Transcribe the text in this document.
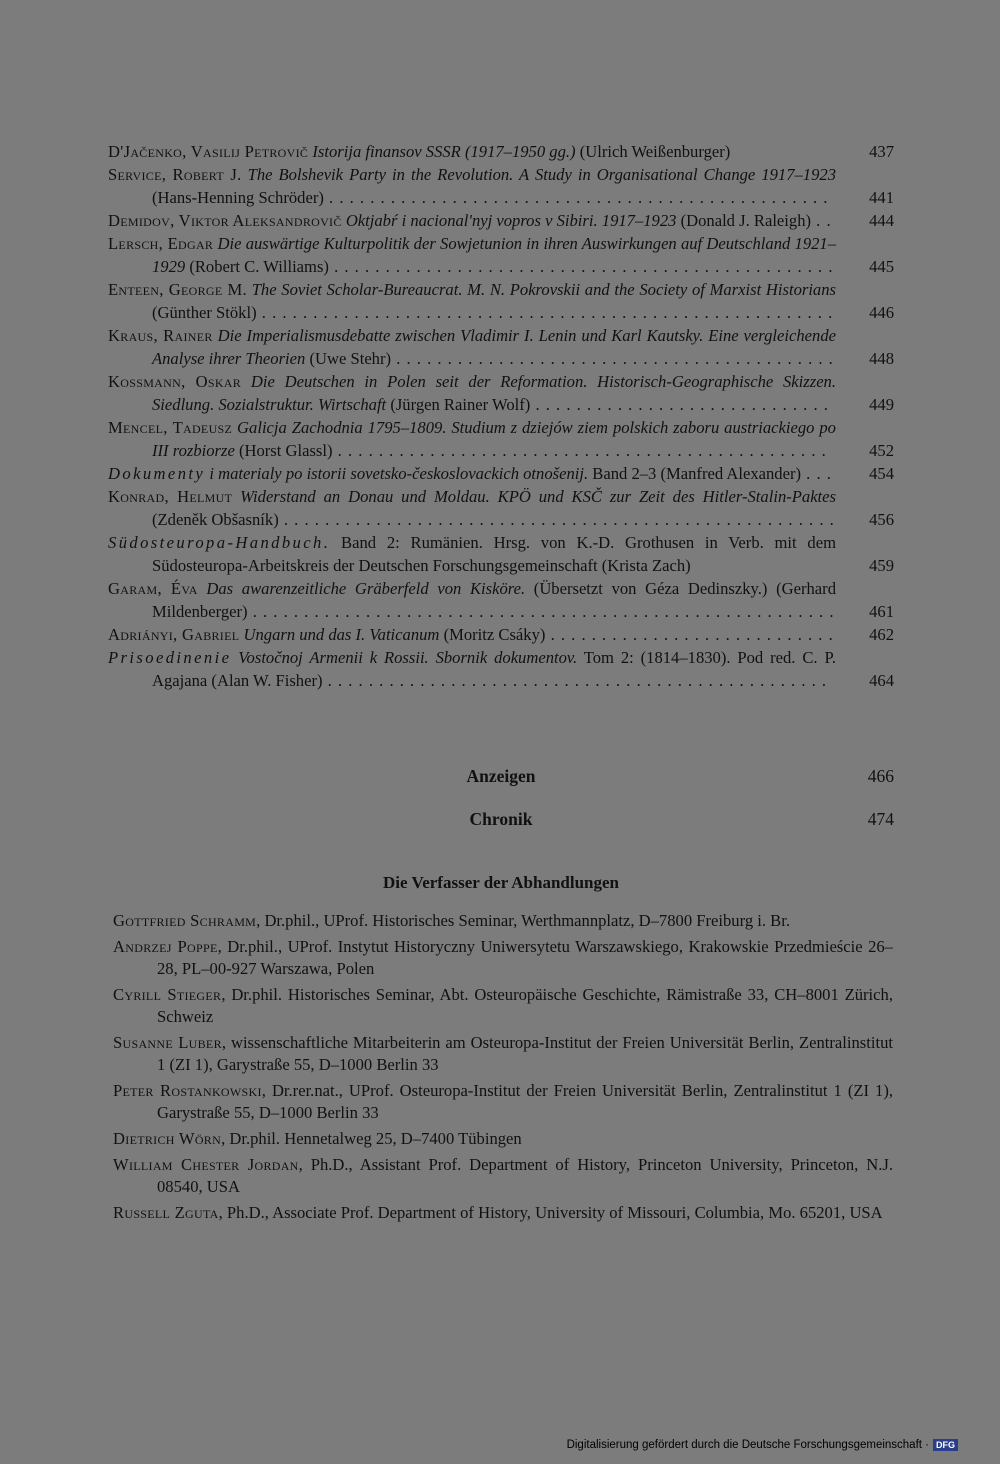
D'Jačenko, Vasilij Petrovič Istorija finansov SSSR (1917–1950 gg.) (Ulrich Weißenburger)	437
Service, Robert J. The Bolshevik Party in the Revolution. A Study in Organisational Change 1917–1923 (Hans-Henning Schröder) . . . . . . . . . . . . . . . . . . . . . . . . . . . . . . . . . . . . . . . . . . . . . . . . .	441
Demidov, Viktor Aleksandrovič Oktjabŕ i nacional'nyj vopros v Sibiri. 1917–1923 (Donald J. Raleigh) . .	444
Lersch, Edgar Die auswärtige Kulturpolitik der Sowjetunion in ihren Auswirkungen auf Deutschland 1921–1929 (Robert C. Williams) . . . . . . . . . . . . . . . . . . . . . . . . . . . . . . . . . . . . . . . . . . . . . . . . .	445
Enteen, George M. The Soviet Scholar-Bureaucrat. M. N. Pokrovskii and the Society of Marxist Historians (Günther Stökl) . . . . . . . . . . . . . . . . . . . . . . . . . . . . . . . . . . . . . . . . . . . . . . . . . . . . . . . .	446
Kraus, Rainer Die Imperialismusdebatte zwischen Vladimir I. Lenin und Karl Kautsky. Eine vergleichende Analyse ihrer Theorien (Uwe Stehr) . . . . . . . . . . . . . . . . . . . . . . . . . . . . . . . . . . . . . . . . . . .	448
Kossmann, Oskar Die Deutschen in Polen seit der Reformation. Historisch-Geographische Skizzen. Siedlung. Sozialstruktur. Wirtschaft (Jürgen Rainer Wolf) . . . . . . . . . . . . . . . . . . . . . . . . . . . . .	449
Mencel, Tadeusz Galicja Zachodnia 1795–1809. Studium z dziejów ziem polskich zaboru austriackiego po III rozbiorze (Horst Glassl) . . . . . . . . . . . . . . . . . . . . . . . . . . . . . . . . . . . . . . . . . . . . . . . .	452
Dokumenty i materialy po istorii sovetsko-českoslovackich otnošenij. Band 2–3 (Manfred Alexander) . . .	454
Konrad, Helmut Widerstand an Donau und Moldau. KPÖ und KSČ zur Zeit des Hitler-Stalin-Paktes (Zdeněk Obšasník) . . . . . . . . . . . . . . . . . . . . . . . . . . . . . . . . . . . . . . . . . . . . . . . . . . . . . .	456
Südosteuropa-Handbuch. Band 2: Rumänien. Hrsg. von K.-D. Grothusen in Verb. mit dem Südosteuropa-Arbeitskreis der Deutschen Forschungsgemeinschaft (Krista Zach)	459
Garam, Éva Das awarenzeitliche Gräberfeld von Kisköre. (Übersetzt von Géza Dedinszky.) (Gerhard Mildenberger) . . . . . . . . . . . . . . . . . . . . . . . . . . . . . . . . . . . . . . . . . . . . . . . . . . . . . . . . .	461
Adriányi, Gabriel Ungarn und das I. Vaticanum (Moritz Csáky) . . . . . . . . . . . . . . . . . . . . . . . . . . . .	462
Prisoedinenie Vostočnoj Armenii k Rossii. Sbornik dokumentov. Tom 2: (1814–1830). Pod red. C. P. Agajana (Alan W. Fisher) . . . . . . . . . . . . . . . . . . . . . . . . . . . . . . . . . . . . . . . . . . . . . . . . .	464
Anzeigen	466
Chronik	474
Die Verfasser der Abhandlungen
Gottfried Schramm, Dr.phil., UProf. Historisches Seminar, Werthmannplatz, D–7800 Freiburg i. Br.
Andrzej Poppe, Dr.phil., UProf. Instytut Historyczny Uniwersytetu Warszawskiego, Krakowskie Przedmieście 26–28, PL–00-927 Warszawa, Polen
Cyrill Stieger, Dr.phil. Historisches Seminar, Abt. Osteuropäische Geschichte, Rämistraße 33, CH–8001 Zürich, Schweiz
Susanne Luber, wissenschaftliche Mitarbeiterin am Osteuropa-Institut der Freien Universität Berlin, Zentralinstitut 1 (ZI 1), Garystraße 55, D–1000 Berlin 33
Peter Rostankowski, Dr.rer.nat., UProf. Osteuropa-Institut der Freien Universität Berlin, Zentralinstitut 1 (ZI 1), Garystraße 55, D–1000 Berlin 33
Dietrich Wörn, Dr.phil. Hennetalweg 25, D–7400 Tübingen
William Chester Jordan, Ph.D., Assistant Prof. Department of History, Princeton University, Princeton, N.J. 08540, USA
Russell Zguta, Ph.D., Associate Prof. Department of History, University of Missouri, Columbia, Mo. 65201, USA
Digitalisierung gefördert durch die Deutsche Forschungsgemeinschaft · DFG
